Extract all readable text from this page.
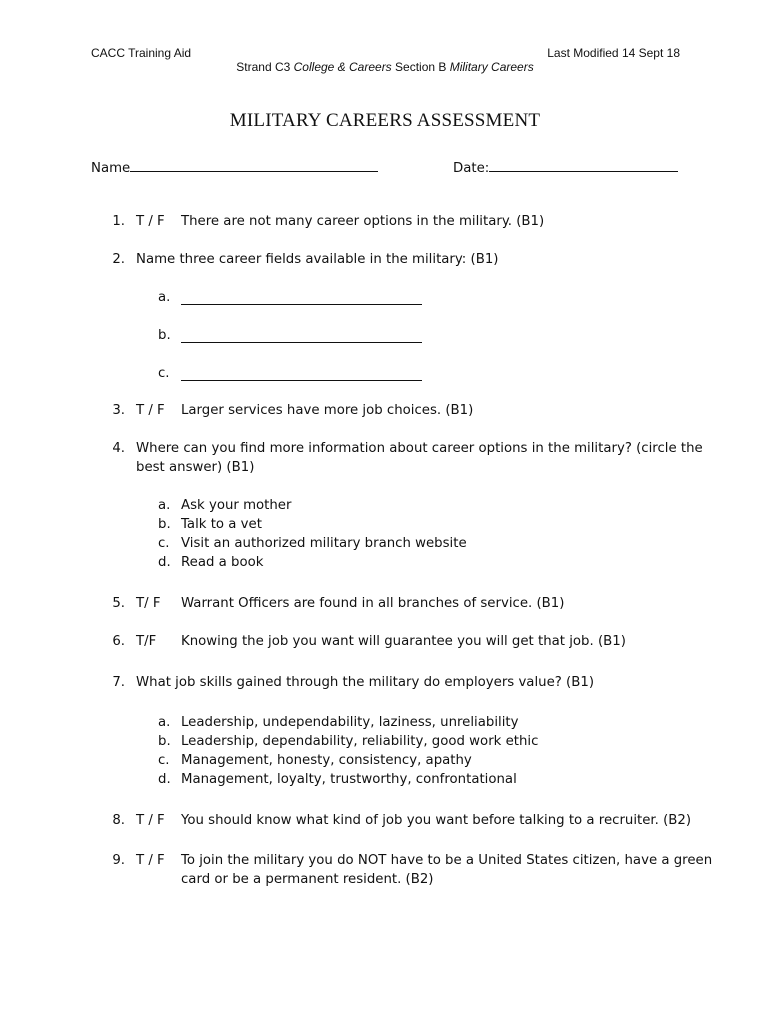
CACC Training Aid	Last Modified 14 Sept 18
Strand C3 College & Careers Section B Military Careers
MILITARY CAREERS ASSESSMENT
Name	Date:
1. T / F	There are not many career options in the military. (B1)
2. Name three career fields available in the military: (B1)
a.
b.
c.
3. T / F	Larger services have more job choices. (B1)
4. Where can you find more information about career options in the military? (circle the
best answer) (B1)
a. Ask your mother
b. Talk to a vet
c. Visit an authorized military branch website
d. Read a book
5. T/ F	Warrant Officers are found in all branches of service. (B1)
6. T/F	Knowing the job you want will guarantee you will get that job. (B1)
7. What job skills gained through the military do employers value? (B1)
a. Leadership, undependability, laziness, unreliability
b. Leadership, dependability, reliability, good work ethic
c. Management, honesty, consistency, apathy
d. Management, loyalty, trustworthy, confrontational
8. T / F	You should know what kind of job you want before talking to a recruiter. (B2)
9. T / F	To join the military you do NOT have to be a United States citizen, have a green
card or be a permanent resident. (B2)
